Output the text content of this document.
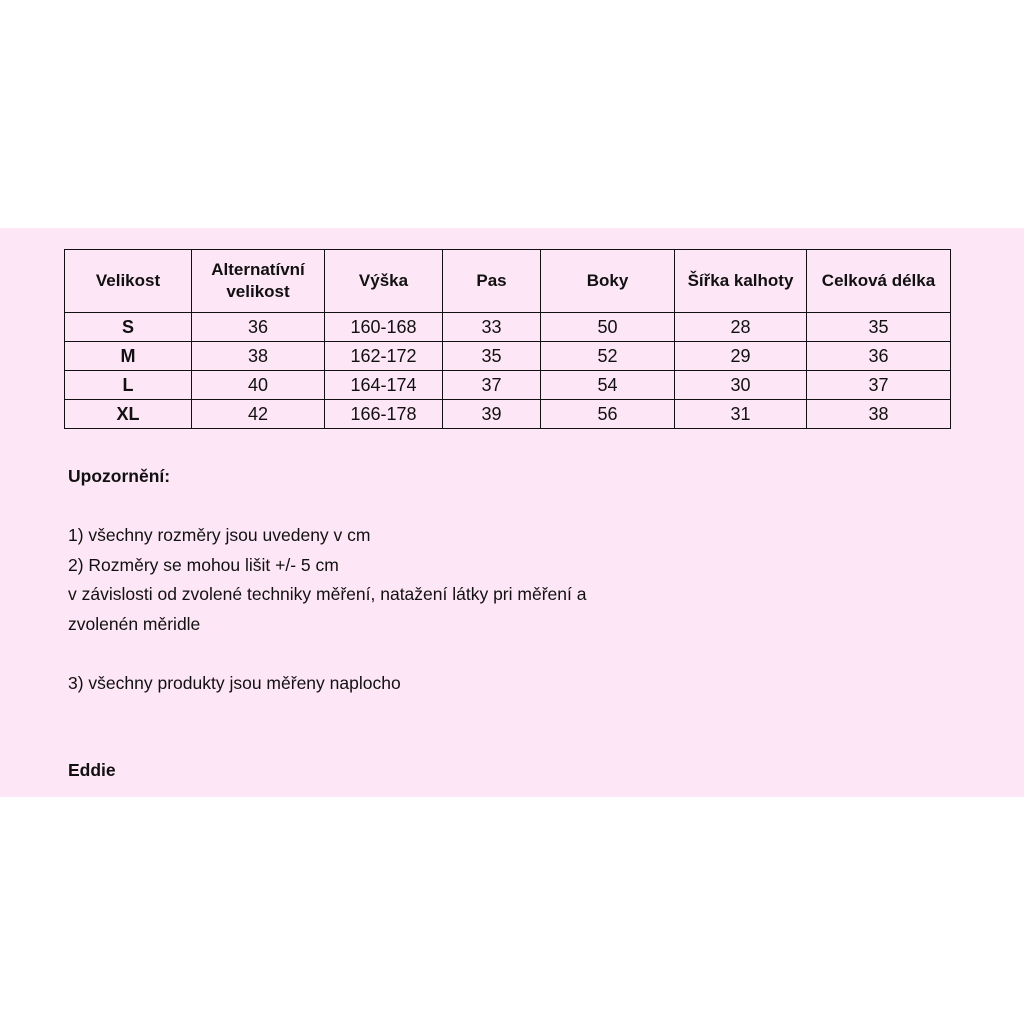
Velikost	Alternatívní velikost	Výška	Pas	Boky	Šířka kalhoty	Celková délka
S	36	160-168	33	50	28	35
M	38	162-172	35	52	29	36
L	40	164-174	37	54	30	37
XL	42	166-178	39	56	31	38

Upozornění:

1) všechny rozměry jsou uvedeny v cm

2) Rozměry se mohou lišit +/- 5 cm

v závislosti od zvolené techniky měření, natažení látky pri měření a

zvolenén měridle

3) všechny produkty jsou měřeny naplocho

Eddie
